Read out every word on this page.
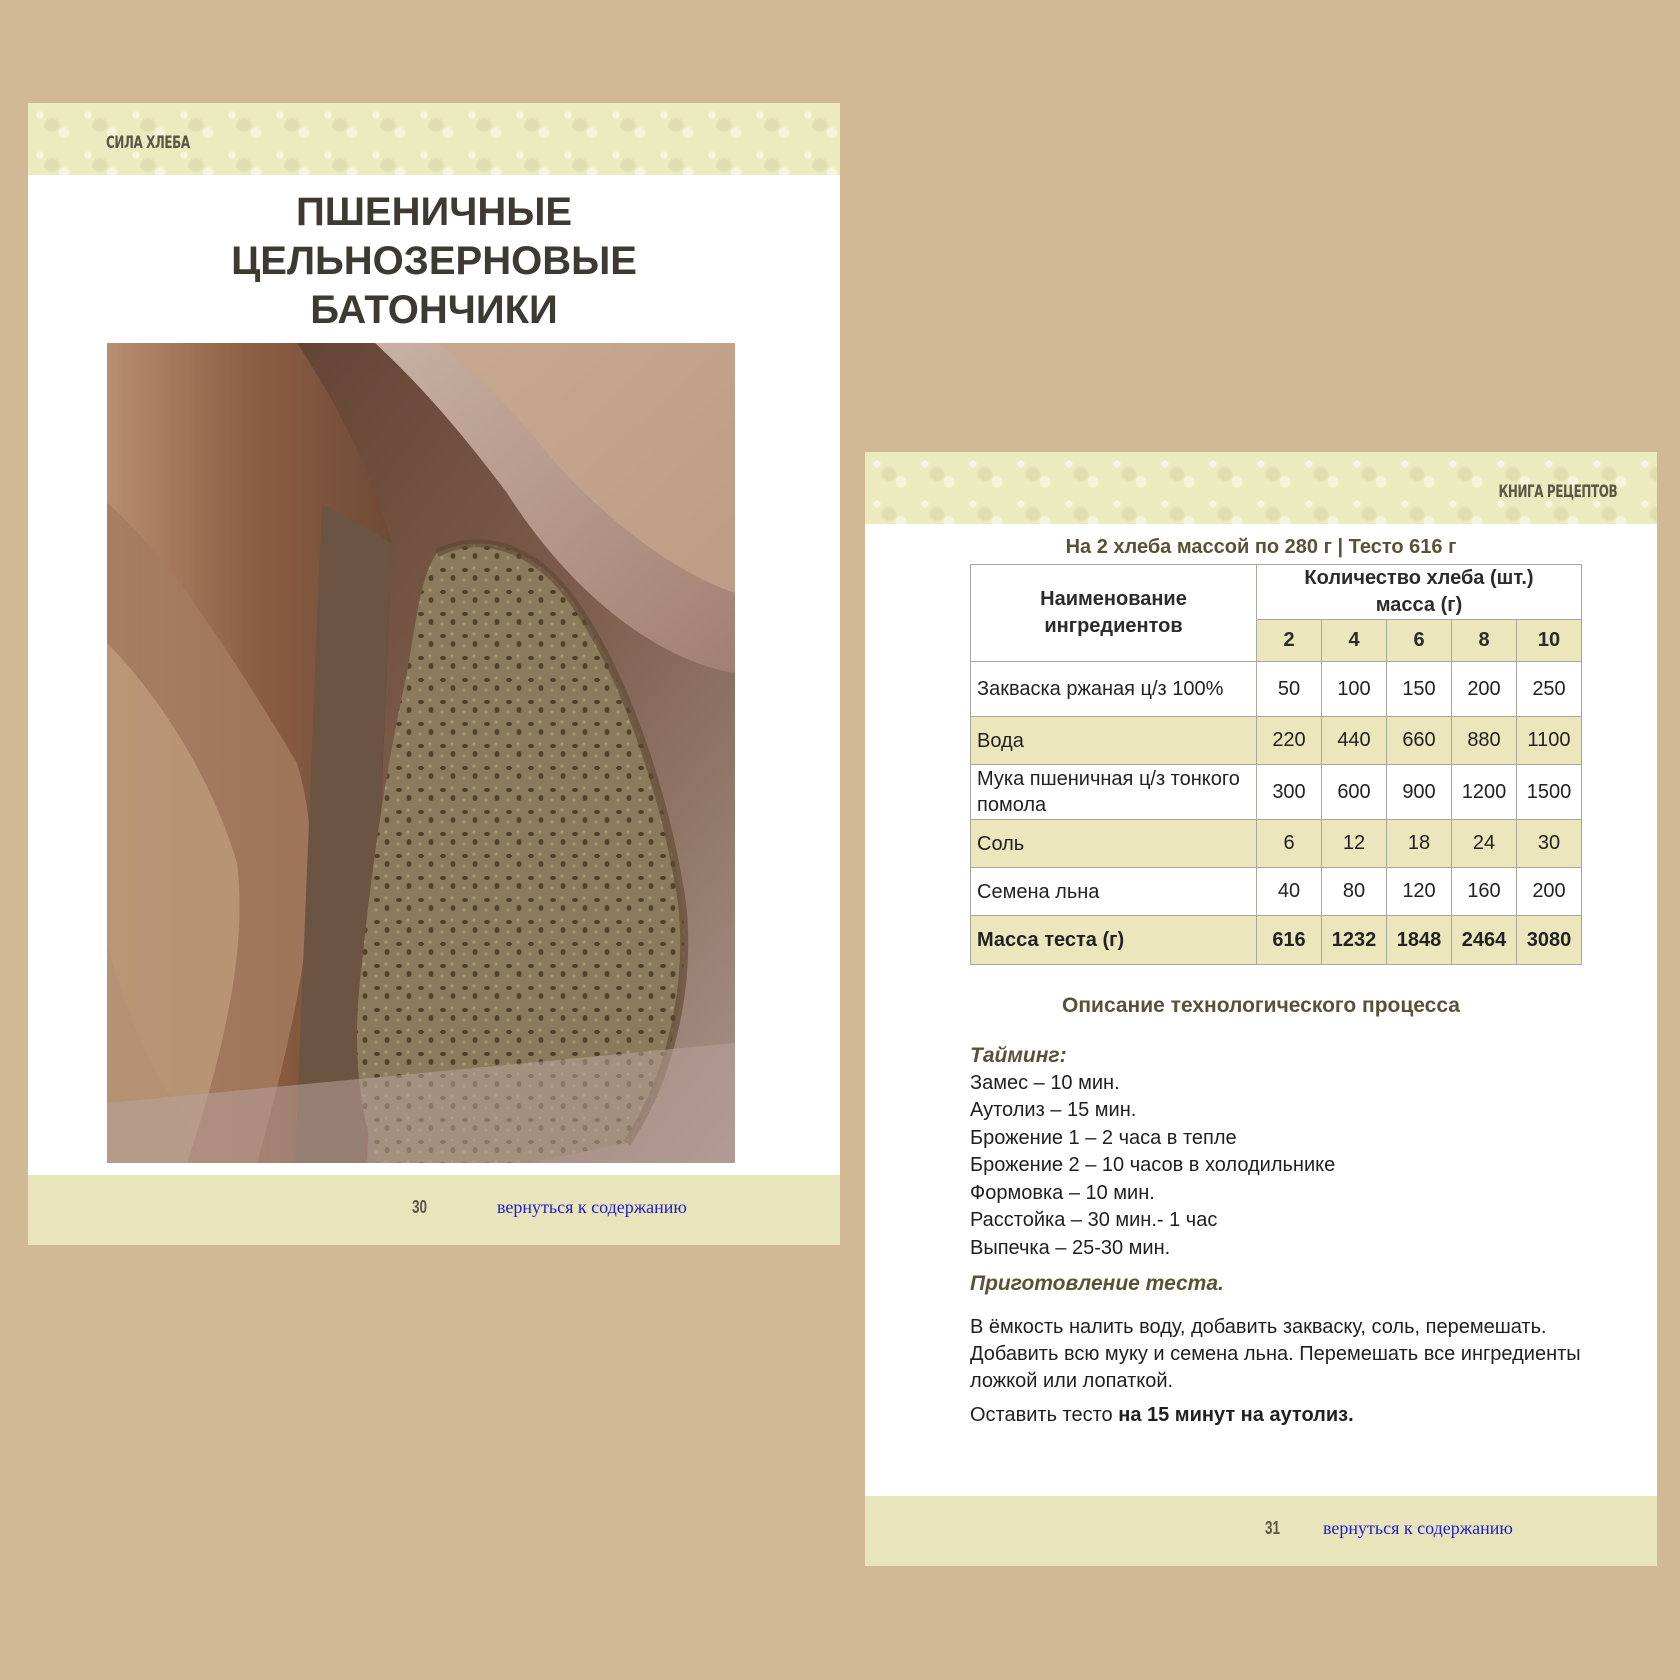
СИЛА ХЛЕБА
ПШЕНИЧНЫЕ
ЦЕЛЬНОЗЕРНОВЫЕ
БАТОНЧИКИ
30	вернуться к содержанию
КНИГА РЕЦЕПТОВ
На 2 хлеба массой по 280 г | Тесто 616 г
Наименование ингредиентов	Количество хлеба (шт.)
масса (г)				

	2	4	6	8	10
Закваска ржаная ц/з 100%	50	100	150	200	250
Вода	220	440	660	880	1100
Мука пшеничная ц/з тонкого помола	300	600	900	1200	1500
Соль	6	12	18	24	30
Семена льна	40	80	120	160	200
Масса теста (г)	616	1232	1848	2464	3080
Описание технологического процесса
Тайминг:
Замес – 10 мин.
Аутолиз – 15 мин.
Брожение 1 – 2 часа в тепле
Брожение 2 – 10 часов в холодильнике
Формовка – 10 мин.
Расстойка – 30 мин.- 1 час
Выпечка – 25-30 мин.
Приготовление теста.

В ёмкость налить воду, добавить закваску, соль, перемешать. Добавить всю муку и семена льна. Перемешать все ингредиенты ложкой или лопаткой.

Оставить тесто на 15 минут на аутолиз.

31 вернуться к содержанию
